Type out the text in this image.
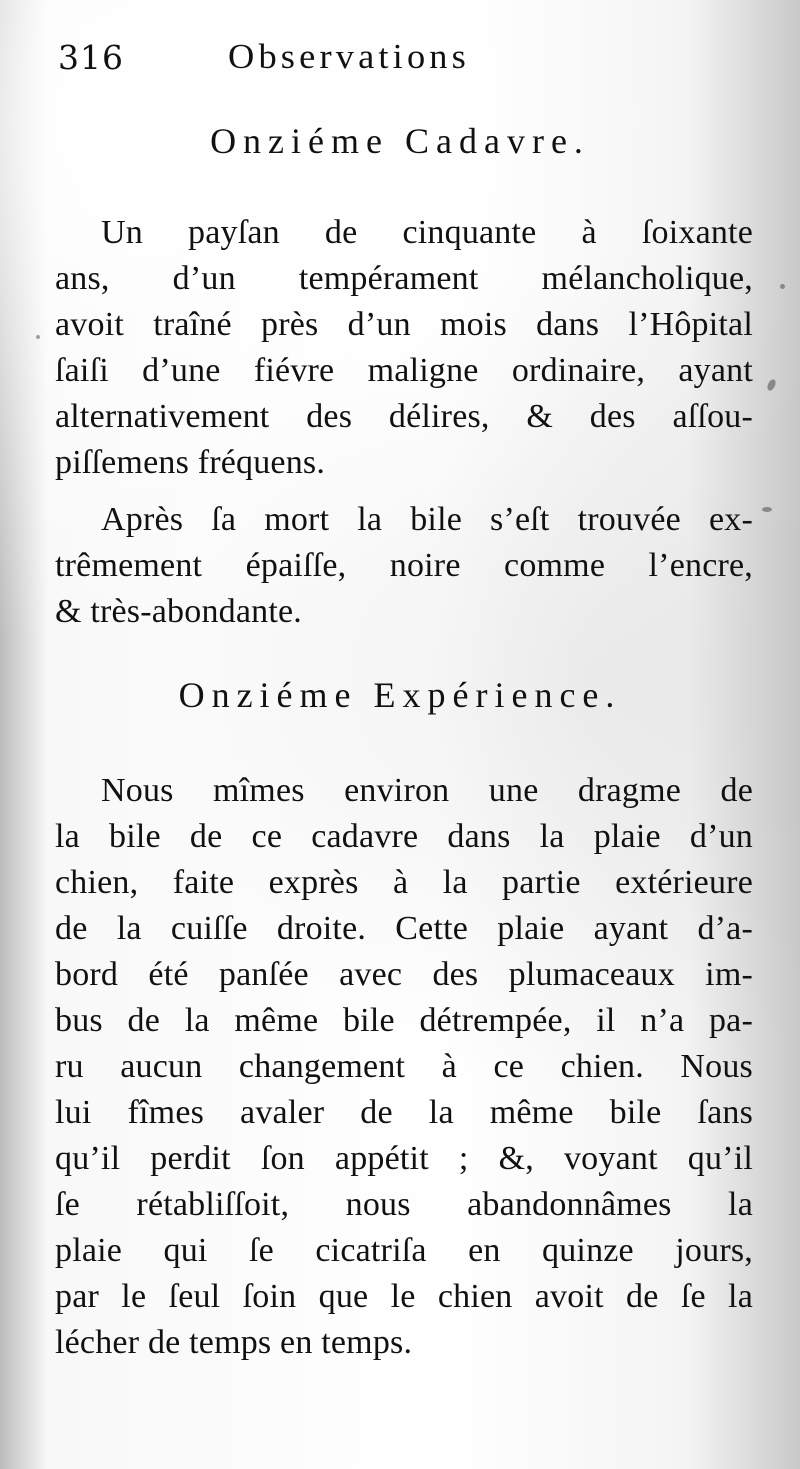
316	Observations
Onziéme Cadavre.
Un payſan de cinquante à ſoixante
ans, d’un tempérament mélancholique,
avoit traîné près d’un mois dans l’Hôpital
ſaiſi d’une fiévre maligne ordinaire, ayant
alternativement des délires, & des aſſou-
piſſemens fréquens.
Après ſa mort la bile s’eſt trouvée ex-
trêmement épaiſſe, noire comme l’encre,
& très-abondante.
Onziéme Expérience.
Nous mîmes environ une dragme de
la bile de ce cadavre dans la plaie d’un
chien, faite exprès à la partie extérieure
de la cuiſſe droite. Cette plaie ayant d’a-
bord été panſée avec des plumaceaux im-
bus de la même bile détrempée, il n’a pa-
ru aucun changement à ce chien. Nous
lui fîmes avaler de la même bile ſans
qu’il perdit ſon appétit ; &, voyant qu’il
ſe rétabliſſoit, nous abandonnâmes la
plaie qui ſe cicatriſa en quinze jours,
par le ſeul ſoin que le chien avoit de ſe la
lécher de temps en temps.
